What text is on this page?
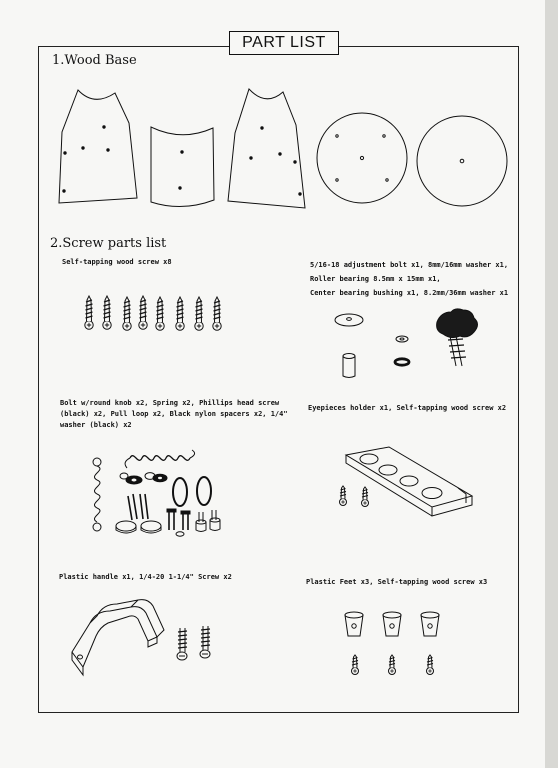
PART LIST
1.Wood Base
2.Screw parts list
Self-tapping wood screw x8	5/16-18 adjustment bolt x1, 8mm/16mm washer x1,
Roller bearing 8.5mm x 15mm x1,
Center bearing bushing x1, 8.2mm/36mm washer x1
Bolt w/round knob x2, Spring x2, Phillips head screw
(black) x2, Pull loop x2, Black nylon spacers x2, 1/4"
washer (black) x2
Eyepieces holder x1, Self-tapping wood screw x2
Plastic handle x1, 1/4-20 1-1/4" Screw x2
Plastic Feet x3, Self-tapping wood screw x3
